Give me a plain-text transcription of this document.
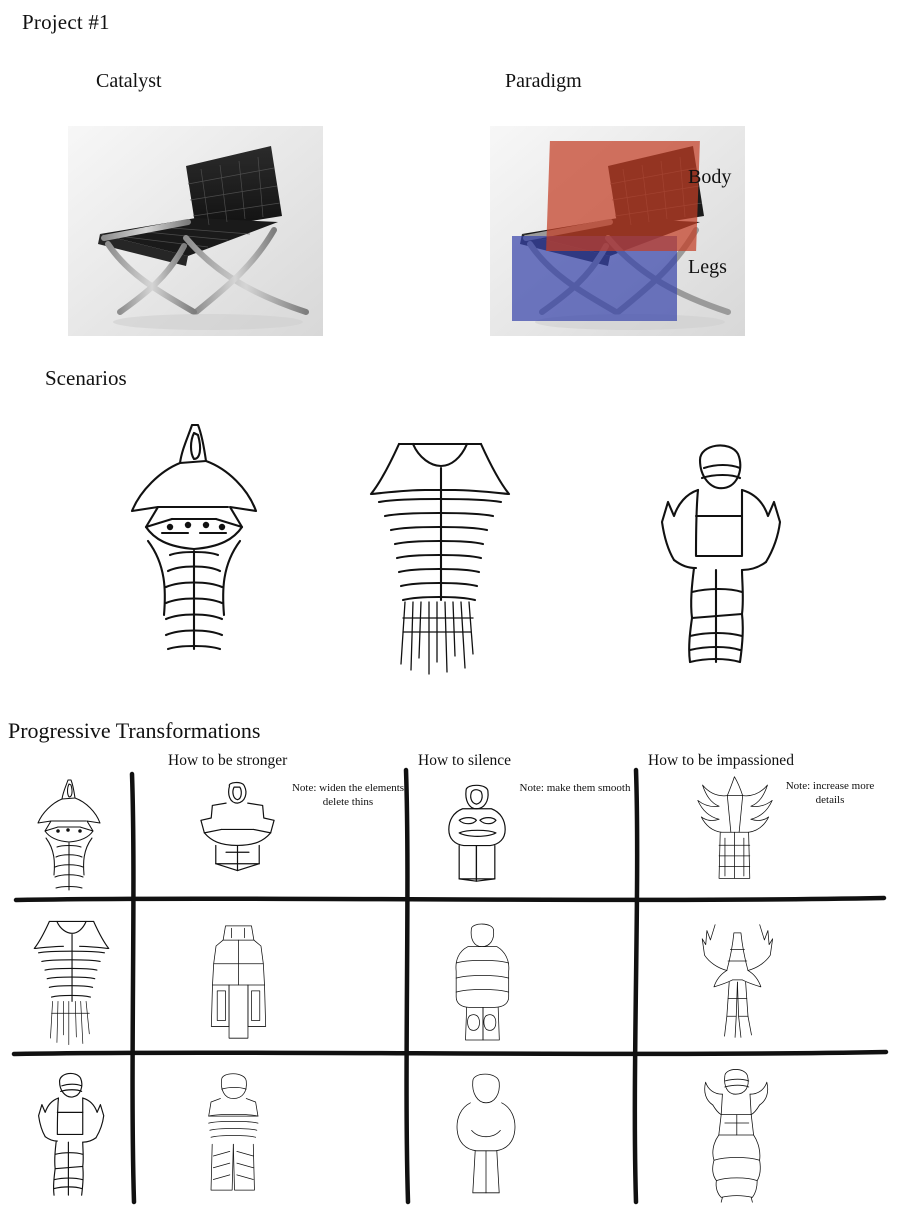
Project #1
Catalyst	Paradigm
Scenarios
Progressive Transformations
Body
Legs
How to be stronger	How to silence	How to be impassioned
Note: widen the elements delete thins
Note: make them smooth	Note: increase more details
